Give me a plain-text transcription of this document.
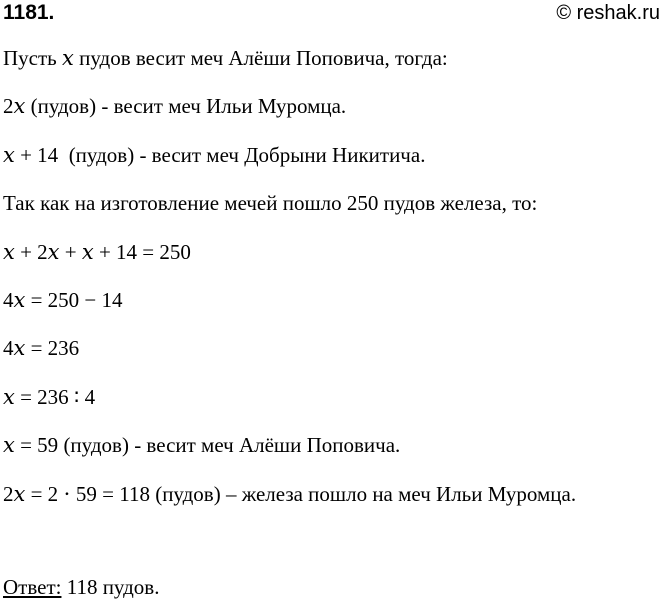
1181.	© reshak.ru
Пусть 𝑥 пудов весит меч Алёши Поповича, тогда:
2𝑥 (пудов) - весит меч Ильи Муромца.
𝑥 + 14  (пудов) - весит меч Добрыни Никитича.
Так как на изготовление мечей пошло 250 пудов железа, то:
𝑥 + 2𝑥 + 𝑥 + 14 = 250
4𝑥 = 250 − 14
4𝑥 = 236
𝑥 = 236 ∶ 4
𝑥 = 59 (пудов) - весит меч Алёши Поповича.
2𝑥 = 2 ⋅ 59 = 118 (пудов) – железа пошло на меч Ильи Муромца.
Ответ: 118 пудов.
